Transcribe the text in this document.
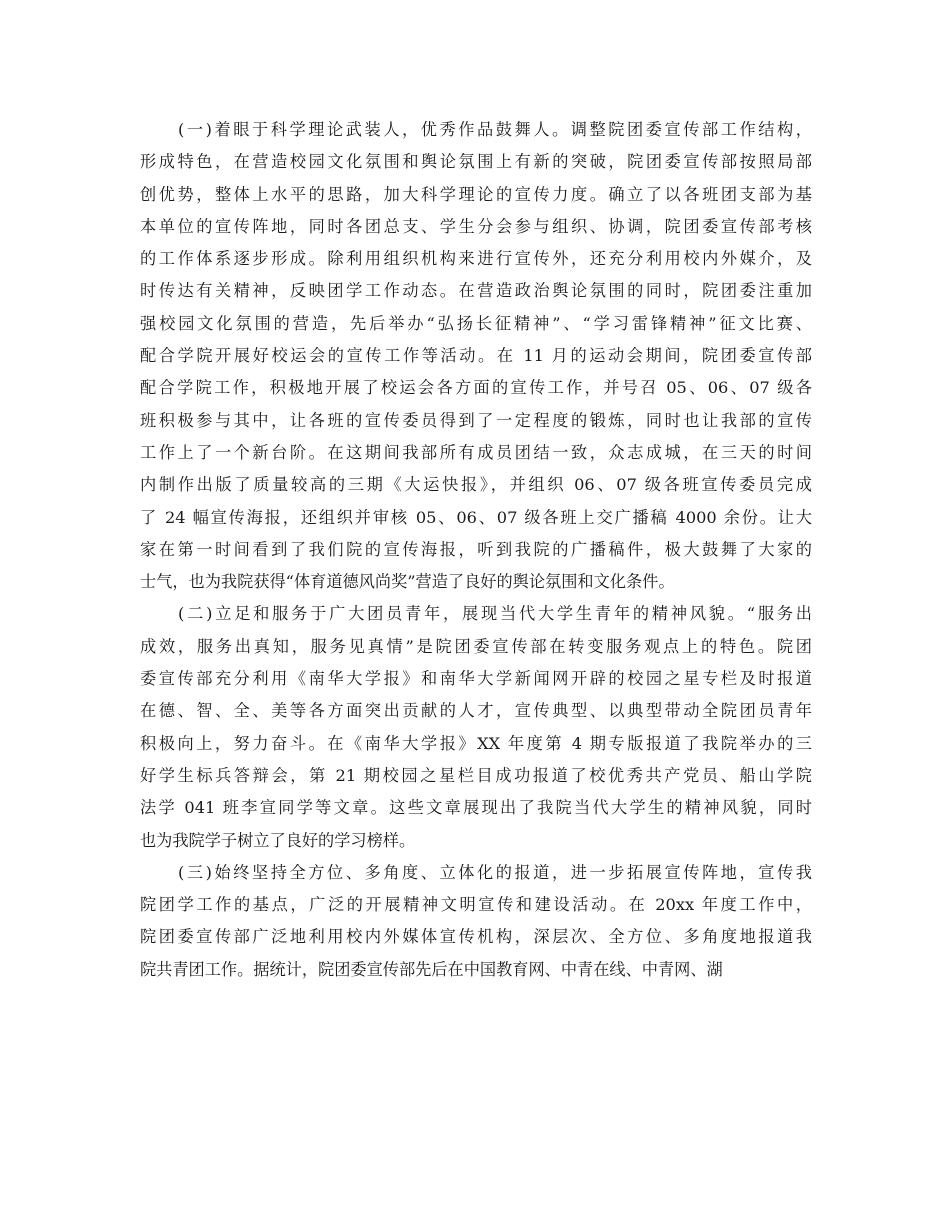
(一)着眼于科学理论武装人，优秀作品鼓舞人。调整院团委宣传部工作结构，
形成特色，在营造校园文化氛围和舆论氛围上有新的突破，院团委宣传部按照局部
创优势，整体上水平的思路，加大科学理论的宣传力度。确立了以各班团支部为基
本单位的宣传阵地，同时各团总支、学生分会参与组织、协调，院团委宣传部考核
的工作体系逐步形成。除利用组织机构来进行宣传外，还充分利用校内外媒介，及
时传达有关精神，反映团学工作动态。在营造政治舆论氛围的同时，院团委注重加
强校园文化氛围的营造，先后举办“弘扬长征精神”、“学习雷锋精神”征文比赛、
配合学院开展好校运会的宣传工作等活动。在 11 月的运动会期间，院团委宣传部
配合学院工作，积极地开展了校运会各方面的宣传工作，并号召 05、06、07 级各
班积极参与其中，让各班的宣传委员得到了一定程度的锻炼，同时也让我部的宣传
工作上了一个新台阶。在这期间我部所有成员团结一致，众志成城，在三天的时间
内制作出版了质量较高的三期《大运快报》，并组织 06、07 级各班宣传委员完成
了 24 幅宣传海报，还组织并审核 05、06、07 级各班上交广播稿 4000 余份。让大
家在第一时间看到了我们院的宣传海报，听到我院的广播稿件，极大鼓舞了大家的
士气，也为我院获得“体育道德风尚奖”营造了良好的舆论氛围和文化条件。
(二)立足和服务于广大团员青年，展现当代大学生青年的精神风貌。“服务出
成效，服务出真知，服务见真情”是院团委宣传部在转变服务观点上的特色。院团
委宣传部充分利用《南华大学报》和南华大学新闻网开辟的校园之星专栏及时报道
在德、智、全、美等各方面突出贡献的人才，宣传典型、以典型带动全院团员青年
积极向上，努力奋斗。在《南华大学报》XX 年度第 4 期专版报道了我院举办的三
好学生标兵答辩会，第 21 期校园之星栏目成功报道了校优秀共产党员、船山学院
法学 041 班李宣同学等文章。这些文章展现出了我院当代大学生的精神风貌，同时
也为我院学子树立了良好的学习榜样。
(三)始终坚持全方位、多角度、立体化的报道，进一步拓展宣传阵地，宣传我
院团学工作的基点，广泛的开展精神文明宣传和建设活动。在 20xx 年度工作中，
院团委宣传部广泛地利用校内外媒体宣传机构，深层次、全方位、多角度地报道我
院共青团工作。据统计，院团委宣传部先后在中国教育网、中青在线、中青网、湖
